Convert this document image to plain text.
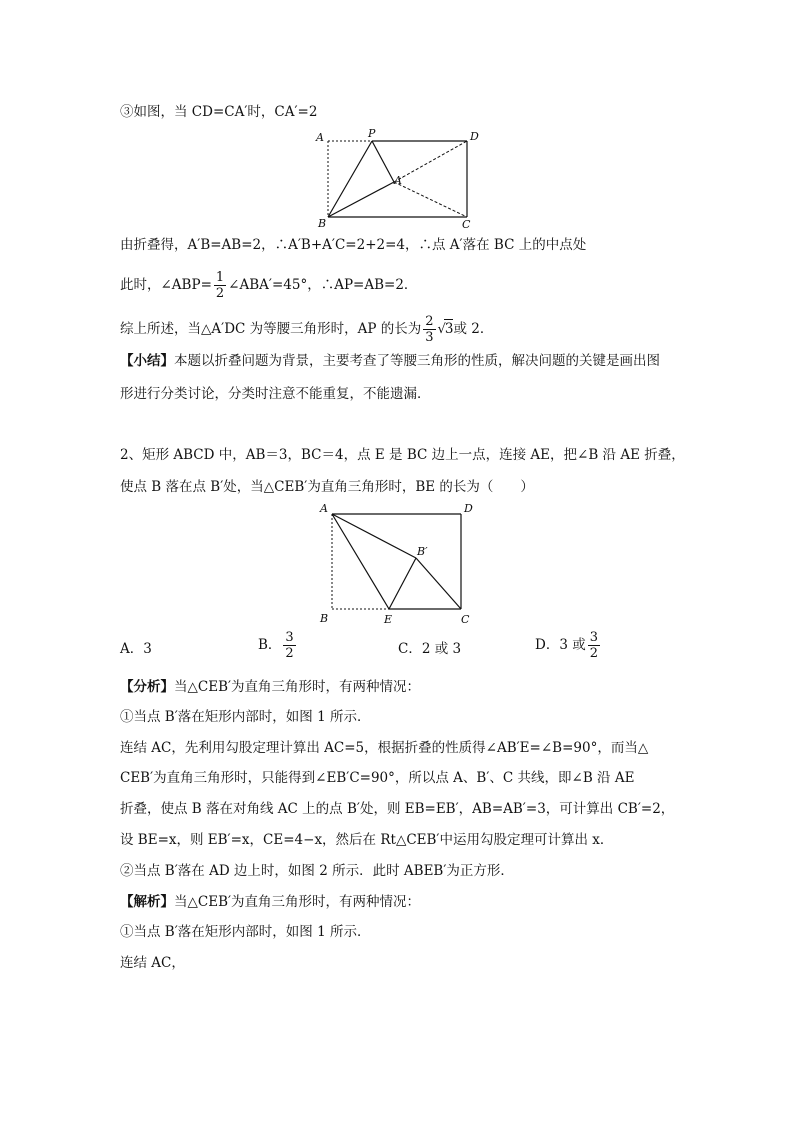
③如图，当 CD=CA′时，CA′=2
A	P	D
A′
B	C
由折叠得，A′B=AB=2，∴A′B+A′C=2+2=4，∴点 A′落在 BC 上的中点处
此时，∠ABP= $\frac{1}{2}$ ∠ABA′=45°，∴AP=AB=2．
综上所述，当△A′DC 为等腰三角形时，AP 的长为 $\frac{2}{3} √3$或 2．
【小结】本题以折叠问题为背景，主要考查了等腰三角形的性质，解决问题的关键是画出图
形进行分类讨论，分类时注意不能重复，不能遗漏．
2、矩形 ABCD 中，AB＝3，BC＝4，点 E 是 BC 边上一点，连接 AE，把∠B 沿 AE 折叠，
使点 B 落在点 B′处，当△CEB′为直角三角形时，BE 的长为（　　）
A	D
B′
B	E	C
A．3	B． $\frac{3}{2}$	C．2 或 3	D．3 或 $\frac{3}{2}$
【分析】当△CEB′为直角三角形时，有两种情况：
①当点 B′落在矩形内部时，如图 1 所示．
连结 AC，先利用勾股定理计算出 AC=5，根据折叠的性质得∠AB′E=∠B=90°，而当△
CEB′为直角三角形时，只能得到∠EB′C=90°，所以点 A、B′、C 共线，即∠B 沿 AE
折叠，使点 B 落在对角线 AC 上的点 B′处，则 EB=EB′，AB=AB′=3，可计算出 CB′=2，
设 BE=x，则 EB′=x，CE=4−x，然后在 Rt△CEB′中运用勾股定理可计算出 x．
②当点 B′落在 AD 边上时，如图 2 所示．此时 ABEB′为正方形．
【解析】当△CEB′为直角三角形时，有两种情况：
①当点 B′落在矩形内部时，如图 1 所示．
连结 AC，
